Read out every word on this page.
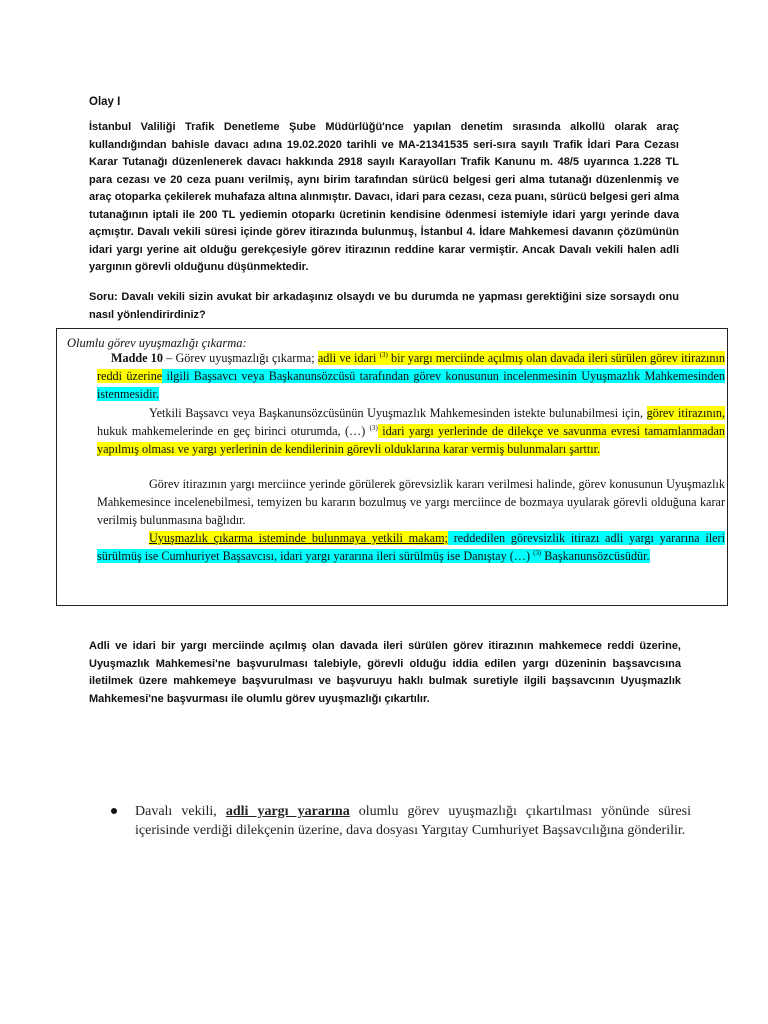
Olay I
İstanbul Valiliği Trafik Denetleme Şube Müdürlüğü'nce yapılan denetim sırasında alkollü olarak araç kullandığından bahisle davacı adına 19.02.2020 tarihli ve MA-21341535 seri-sıra sayılı Trafik İdari Para Cezası Karar Tutanağı düzenlenerek davacı hakkında 2918 sayılı Karayolları Trafik Kanunu m. 48/5 uyarınca 1.228 TL para cezası ve 20 ceza puanı verilmiş, aynı birim tarafından sürücü belgesi geri alma tutanağı düzenlenmiş ve araç otoparka çekilerek muhafaza altına alınmıştır. Davacı, idari para cezası, ceza puanı, sürücü belgesi geri alma tutanağının iptali ile 200 TL yediemin otoparkı ücretinin kendisine ödenmesi istemiyle idari yargı yerinde dava açmıştır. Davalı vekili süresi içinde görev itirazında bulunmuş, İstanbul 4. İdare Mahkemesi davanın çözümünün idari yargı yerine ait olduğu gerekçesiyle görev itirazının reddine karar vermiştir. Ancak Davalı vekili halen adli yargının görevli olduğunu düşünmektedir.
Soru: Davalı vekili sizin avukat bir arkadaşınız olsaydı ve bu durumda ne yapması gerektiğini size sorsaydı onu nasıl yönlendirirdiniz?
Olumlu görev uyuşmazlığı çıkarma:

Madde 10 – Görev uyuşmazlığı çıkarma; adli ve idari $^{(3)}$ bir yargı merciinde açılmış olan davada ileri sürülen görev itirazının reddi üzerine ilgili Başsavcı veya Başkanunsözcüsü tarafından görev konusunun incelenmesinin Uyuşmazlık Mahkemesinden istenmesidir.

Yetkili Başsavcı veya Başkanunsözcüsünün Uyuşmazlık Mahkemesinden istekte bulunabilmesi için, görev itirazının, hukuk mahkemelerinde en geç birinci oturumda, (…) $^{(3)}$ idari yargı yerlerinde de dilekçe ve savunma evresi tamamlanmadan yapılmış olması ve yargı yerlerinin de kendilerinin görevli olduklarına karar vermiş bulunmaları şarttır.

Görev itirazının yargı merciince yerinde görülerek görevsizlik kararı verilmesi halinde, görev konusunun Uyuşmazlık Mahkemesince incelenebilmesi, temyizen bu kararın bozulmuş ve yargı merciince de bozmaya uyularak görevli olduğuna karar verilmiş bulunmasına bağlıdır.

Uyuşmazlık çıkarma isteminde bulunmaya yetkili makam; reddedilen görevsizlik itirazı adli yargı yararına ileri sürülmüş ise Cumhuriyet Başsavcısı, idari yargı yararına ileri sürülmüş ise Danıştay (…) $^{(3)}$ Başkanunsözcüsüdür.

Adli ve idari bir yargı merciinde açılmış olan davada ileri sürülen görev itirazının mahkemece reddi üzerine, Uyuşmazlık Mahkemesi'ne başvurulması talebiyle, görevli olduğu iddia edilen yargı düzeninin başsavcısına iletilmek üzere mahkemeye başvurulması ve başvuruyu haklı bulmak suretiyle ilgili başsavcının Uyuşmazlık Mahkemesi'ne başvurması ile olumlu görev uyuşmazlığı çıkartılır.
Davalı vekili, adli yargı yararına olumlu görev uyuşmazlığı çıkartılması yönünde süresi içerisinde verdiği dilekçenin üzerine, dava dosyası Yargıtay Cumhuriyet Başsavcılığına gönderilir.
